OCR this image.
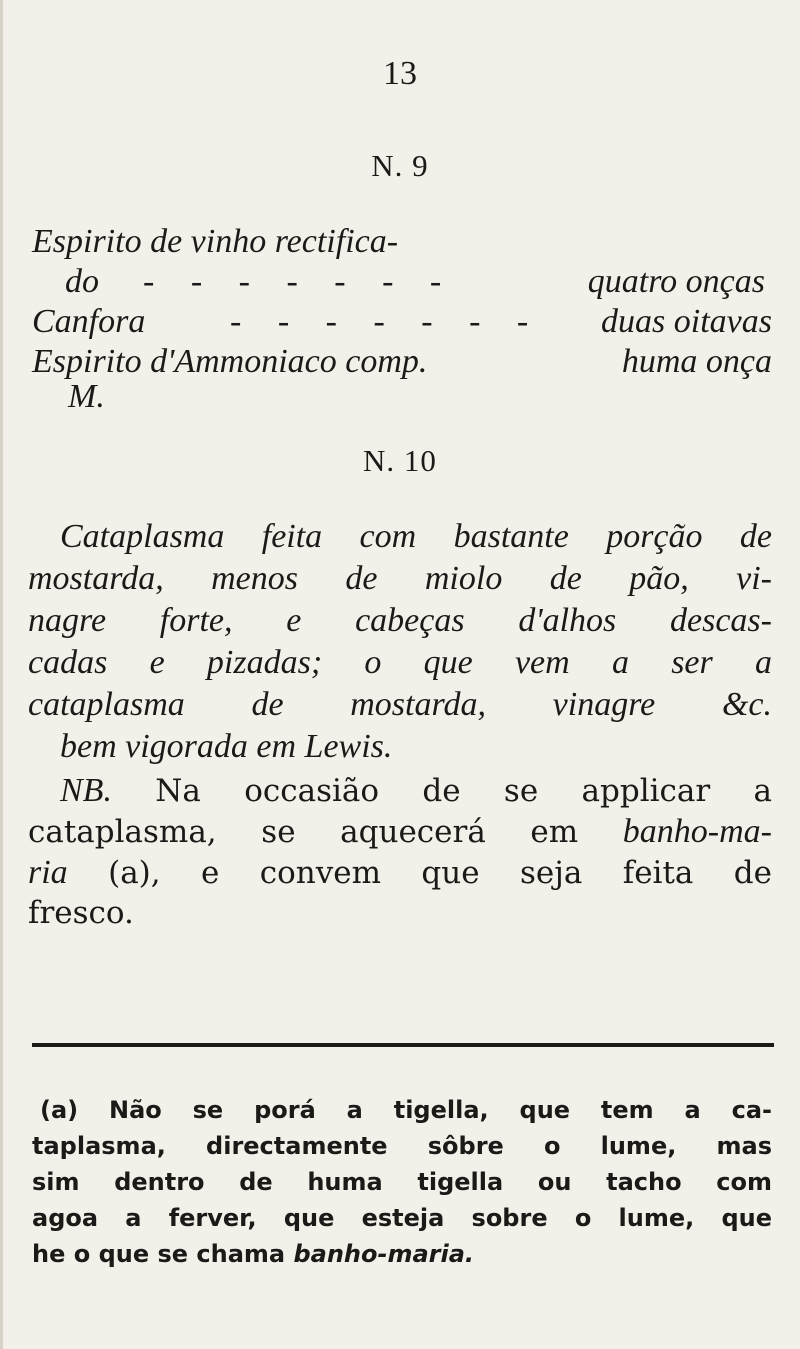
13
N. 9
Espirito de vinho rectifica-
do - - - - - - -	quatro onças
Canfora - - - - - - - duas oitavas
Espirito d'Ammoniaco comp.	huma onça
M.
N. 10
Cataplasma feita com bastante porção de
mostarda, menos de miolo de pão, vi-
nagre forte, e cabeças d'alhos descas-
cadas e pizadas; o que vem a ser a
cataplasma de mostarda, vinagre &c.
bem vigorada em Lewis.
NB. Na occasião de se applicar a
cataplasma, se aquecerá em banho-ma-
ria (a), e convem que seja feita de
fresco.
(a) Não se porá a tigella, que tem a ca-
taplasma, directamente sôbre o lume, mas
sim dentro de huma tigella ou tacho com
agoa a ferver, que esteja sobre o lume, que
he o que se chama banho-maria.
